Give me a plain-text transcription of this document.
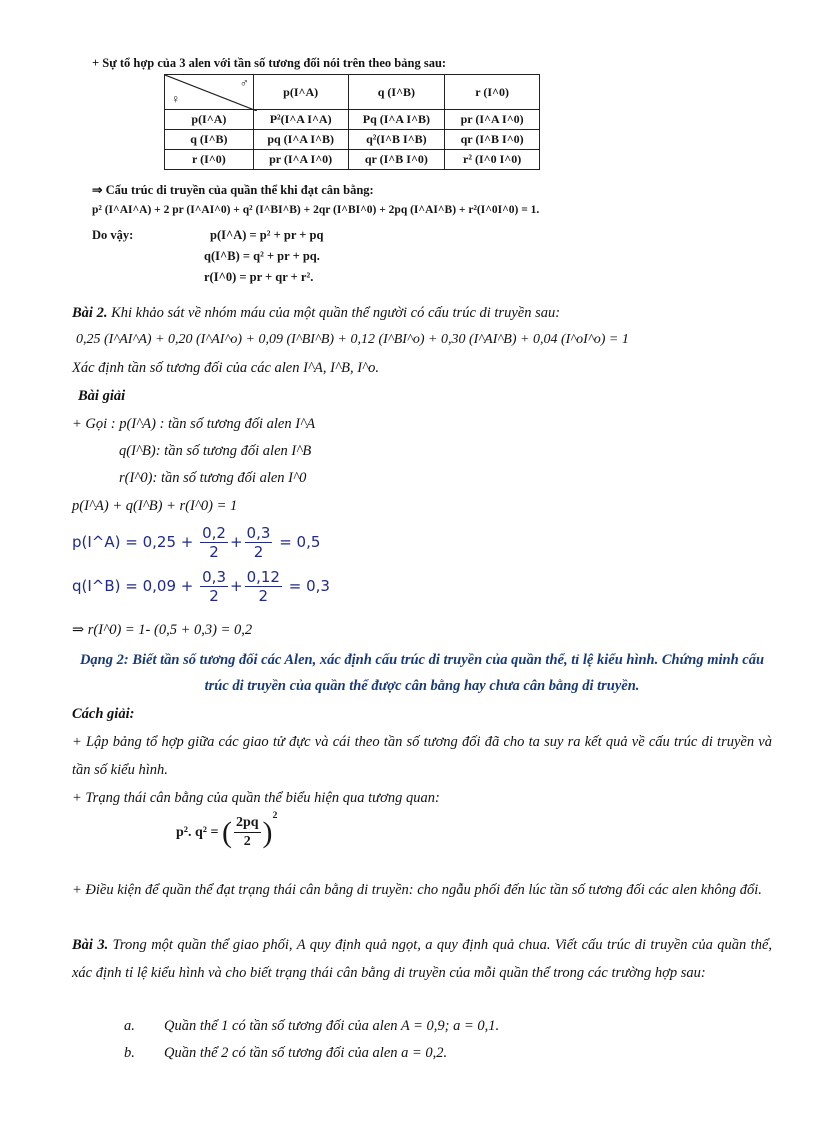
+ Sự tổ hợp của 3 alen với tần số tương đối nói trên theo bảng sau:
♂
♀	p(I^A)	q (I^B)	r (I^0)
p(I^A)	P²(I^A I^A)	Pq (I^A I^B)	pr (I^A I^0)
q (I^B)	pq (I^A I^B)	q²(I^B I^B)	qr (I^B I^0)
r (I^0)	pr (I^A I^0)	qr (I^B I^0)	r² (I^0 I^0)
⇒ Cấu trúc di truyền của quần thể khi đạt cân bằng:
p² (I^AI^A) + 2 pr (I^AI^0) + q² (I^BI^B) + 2qr (I^BI^0) + 2pq (I^AI^B) + r²(I^0I^0) = 1.
Do vậy:	p(I^A) = p² + pr + pq
q(I^B) = q² + pr + pq.
r(I^0) = pr + qr + r².
Bài 2. Khi khảo sát về nhóm máu của một quần thể người có cấu trúc di truyền sau:
0,25 (I^AI^A) + 0,20 (I^AI^o) + 0,09 (I^BI^B) + 0,12 (I^BI^o) + 0,30 (I^AI^B) + 0,04 (I^oI^o) = 1
Xác định tần số tương đối của các alen I^A, I^B, I^o.
Bài giải
+ Gọi : p(I^A) : tần số tương đối alen I^A
q(I^B): tần số tương đối alen I^B
r(I^0): tần số tương đối alen I^0
p(I^A) + q(I^B) + r(I^0) = 1
p(I^A) = $0,25 + \frac{0,2}{2} + \frac{0,3}{2} = 0,5$
q(I^B) = $0,09 + \frac{0,3}{2} + \frac{0,12}{2} = 0,3$
⇒ r(I^0) = 1- (0,5 + 0,3) = 0,2
Dạng 2: Biết tần số tương đối các Alen, xác định cấu trúc di truyền của quần thể, tỉ lệ kiểu hình. Chứng minh cấu trúc di truyền của quần thể được cân bằng hay chưa cân bằng di truyền.
Cách giải:
+ Lập bảng tổ hợp giữa các giao tử đực và cái theo tần số tương đối đã cho ta suy ra kết quả về cấu trúc di truyền và tần số kiểu hình.
+ Trạng thái cân bằng của quần thể biểu hiện qua tương quan:
p². q² = ( $\frac{2pq}{2} )^2$
+ Điều kiện để quần thể đạt trạng thái cân bằng di truyền: cho ngẫu phối đến lúc tần số tương đối các alen không đổi.
Bài 3. Trong một quần thể giao phối, A quy định quả ngọt, a quy định quả chua. Viết cấu trúc di truyền của quần thể, xác định tỉ lệ kiểu hình và cho biết trạng thái cân bằng di truyền của mỗi quần thể trong các trường hợp sau:
a. Quần thể 1 có tần số tương đối của alen A = 0,9; a = 0,1.
b. Quần thể 2 có tần số tương đối của alen a = 0,2.
